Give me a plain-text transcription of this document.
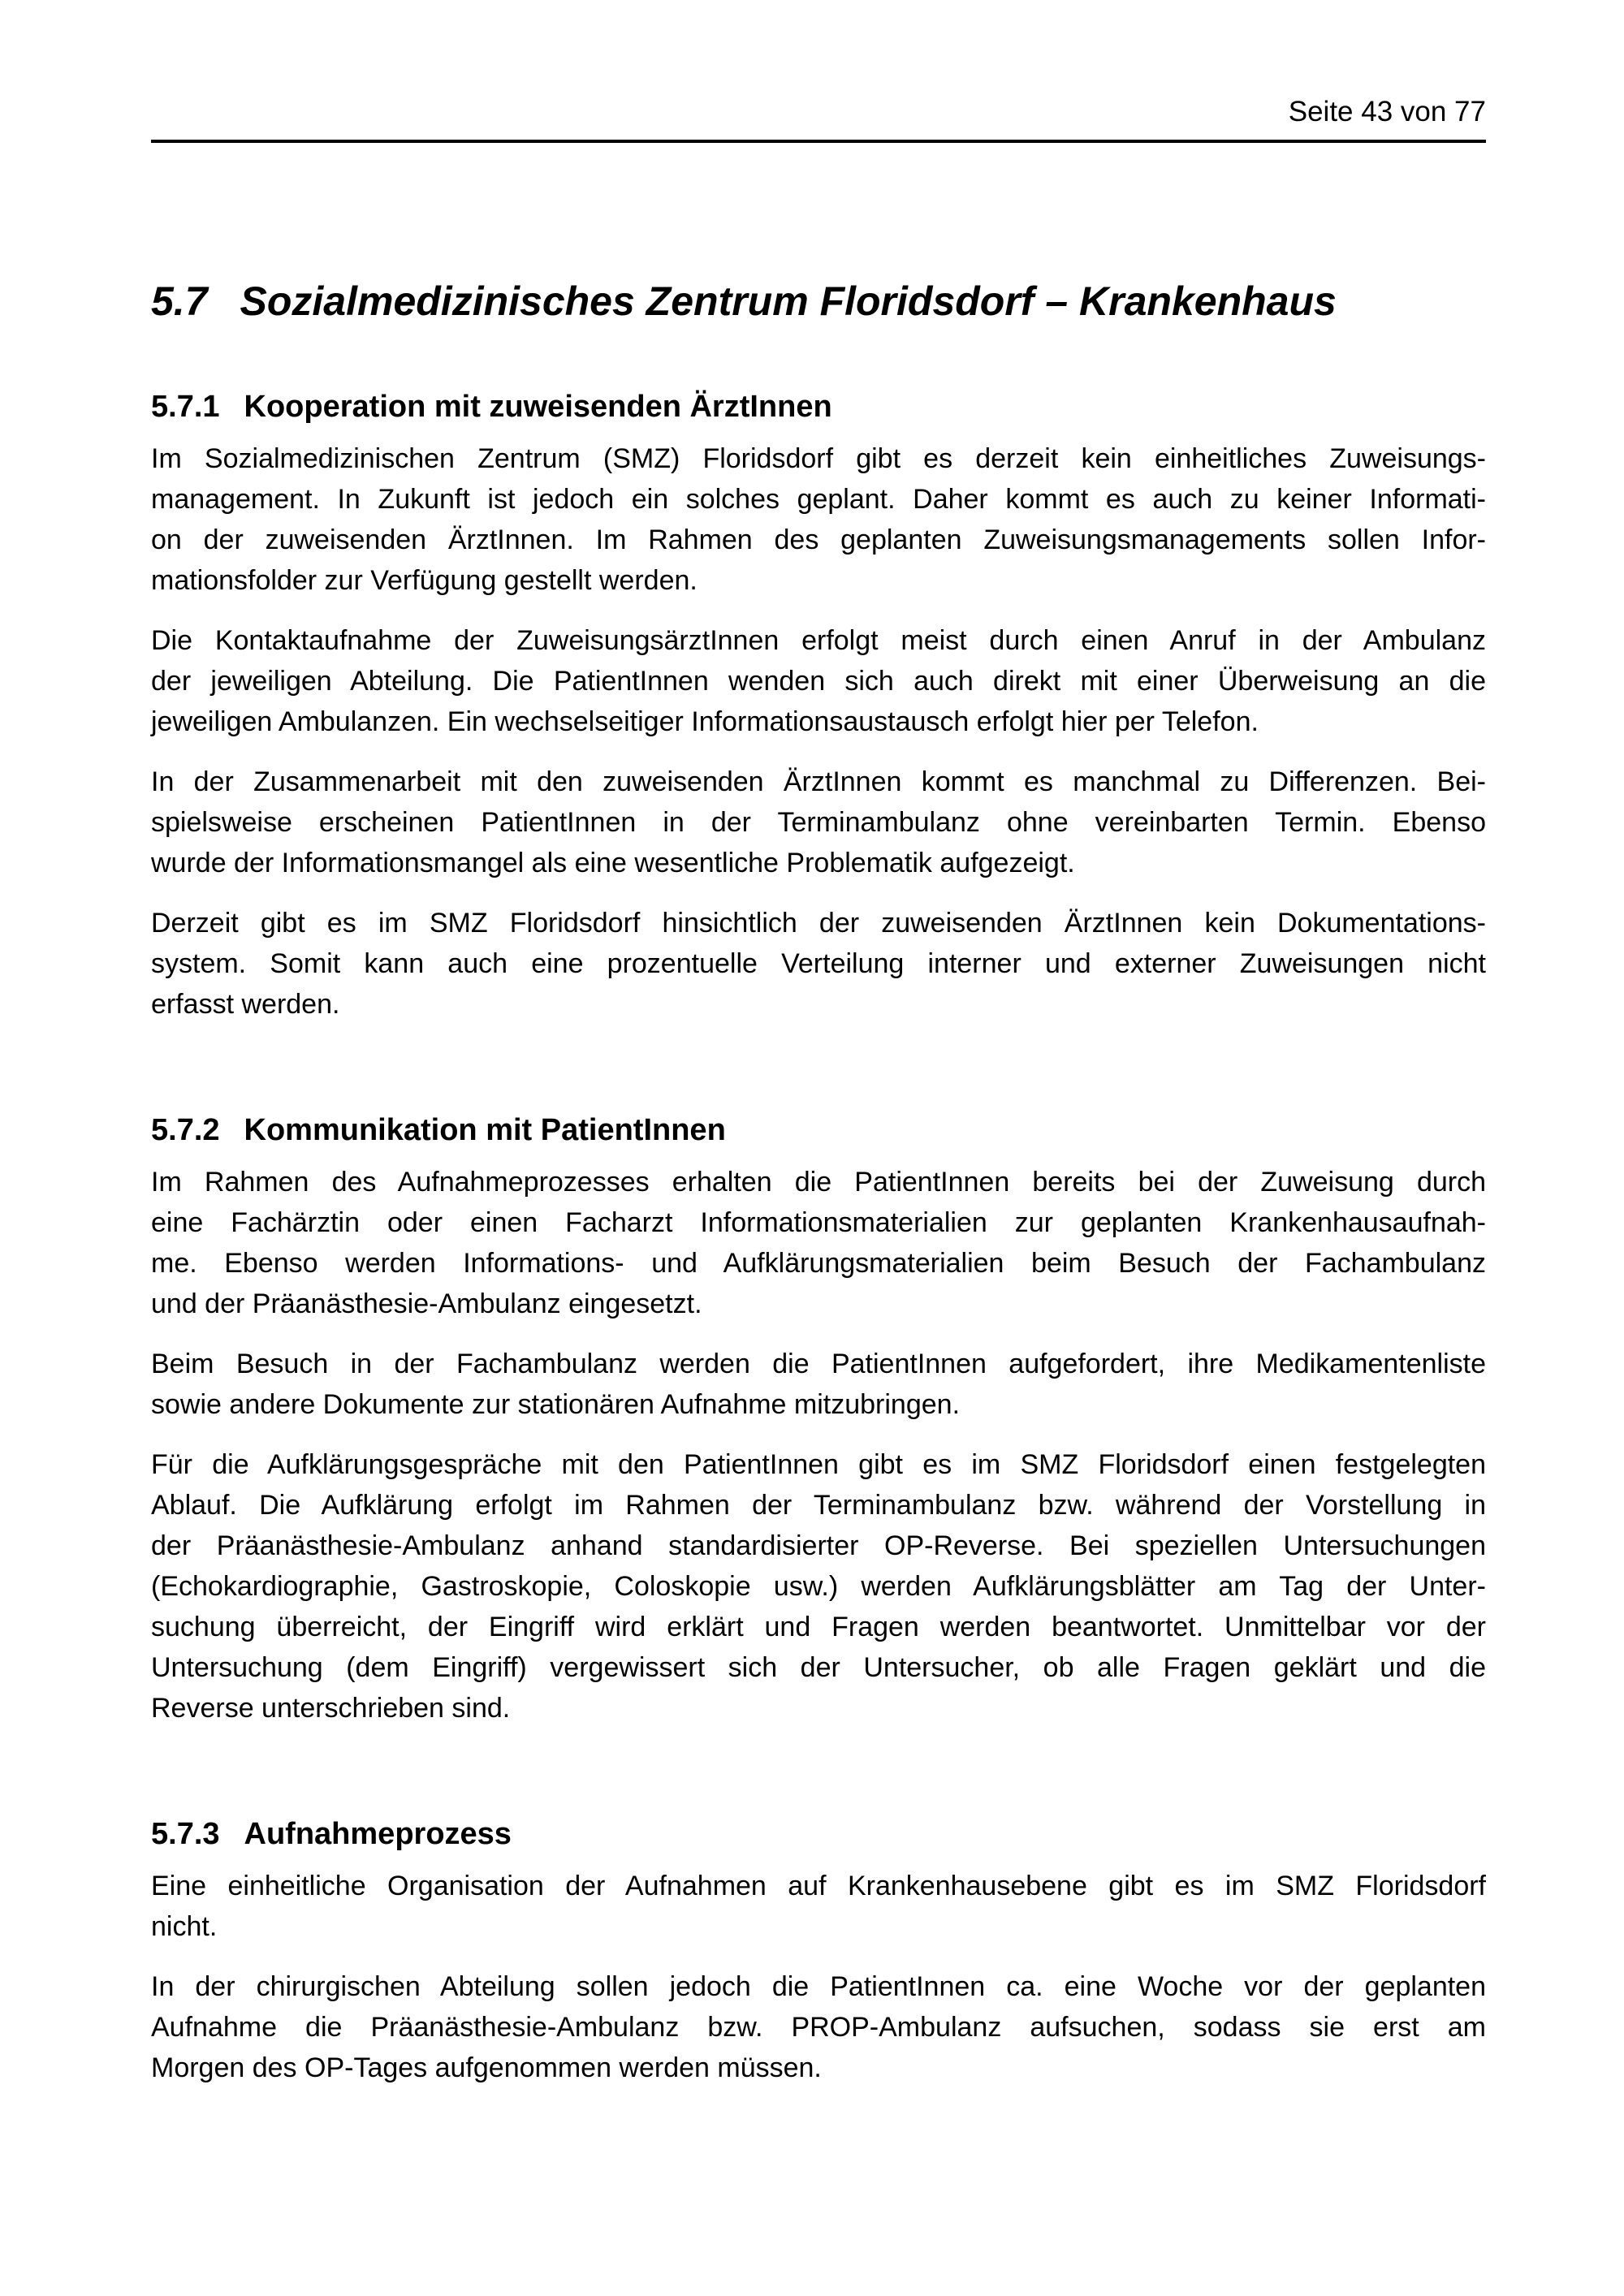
Seite 43 von 77
5.7 Sozialmedizinisches Zentrum Floridsdorf – Krankenhaus
5.7.1 Kooperation mit zuweisenden ÄrztInnen

Im Sozialmedizinischen Zentrum (SMZ) Floridsdorf gibt es derzeit kein einheitliches Zuweisungs-
management. In Zukunft ist jedoch ein solches geplant. Daher kommt es auch zu keiner Informati-
on der zuweisenden ÄrztInnen. Im Rahmen des geplanten Zuweisungsmanagements sollen Infor-
mationsfolder zur Verfügung gestellt werden.

Die Kontaktaufnahme der ZuweisungsärztInnen erfolgt meist durch einen Anruf in der Ambulanz
der jeweiligen Abteilung. Die PatientInnen wenden sich auch direkt mit einer Überweisung an die
jeweiligen Ambulanzen. Ein wechselseitiger Informationsaustausch erfolgt hier per Telefon.

In der Zusammenarbeit mit den zuweisenden ÄrztInnen kommt es manchmal zu Differenzen. Bei-
spielsweise erscheinen PatientInnen in der Terminambulanz ohne vereinbarten Termin. Ebenso
wurde der Informationsmangel als eine wesentliche Problematik aufgezeigt.

Derzeit gibt es im SMZ Floridsdorf hinsichtlich der zuweisenden ÄrztInnen kein Dokumentations-
system. Somit kann auch eine prozentuelle Verteilung interner und externer Zuweisungen nicht
erfasst werden.

5.7.2 Kommunikation mit PatientInnen

Im Rahmen des Aufnahmeprozesses erhalten die PatientInnen bereits bei der Zuweisung durch
eine Fachärztin oder einen Facharzt Informationsmaterialien zur geplanten Krankenhausaufnah-
me. Ebenso werden Informations- und Aufklärungsmaterialien beim Besuch der Fachambulanz
und der Präanästhesie-Ambulanz eingesetzt.

Beim Besuch in der Fachambulanz werden die PatientInnen aufgefordert, ihre Medikamentenliste
sowie andere Dokumente zur stationären Aufnahme mitzubringen.

Für die Aufklärungsgespräche mit den PatientInnen gibt es im SMZ Floridsdorf einen festgelegten
Ablauf. Die Aufklärung erfolgt im Rahmen der Terminambulanz bzw. während der Vorstellung in
der Präanästhesie-Ambulanz anhand standardisierter OP-Reverse. Bei speziellen Untersuchungen
(Echokardiographie, Gastroskopie, Coloskopie usw.) werden Aufklärungsblätter am Tag der Unter-
suchung überreicht, der Eingriff wird erklärt und Fragen werden beantwortet. Unmittelbar vor der
Untersuchung (dem Eingriff) vergewissert sich der Untersucher, ob alle Fragen geklärt und die
Reverse unterschrieben sind.

5.7.3 Aufnahmeprozess

Eine einheitliche Organisation der Aufnahmen auf Krankenhausebene gibt es im SMZ Floridsdorf
nicht.

In der chirurgischen Abteilung sollen jedoch die PatientInnen ca. eine Woche vor der geplanten
Aufnahme die Präanästhesie-Ambulanz bzw. PROP-Ambulanz aufsuchen, sodass sie erst am
Morgen des OP-Tages aufgenommen werden müssen.
